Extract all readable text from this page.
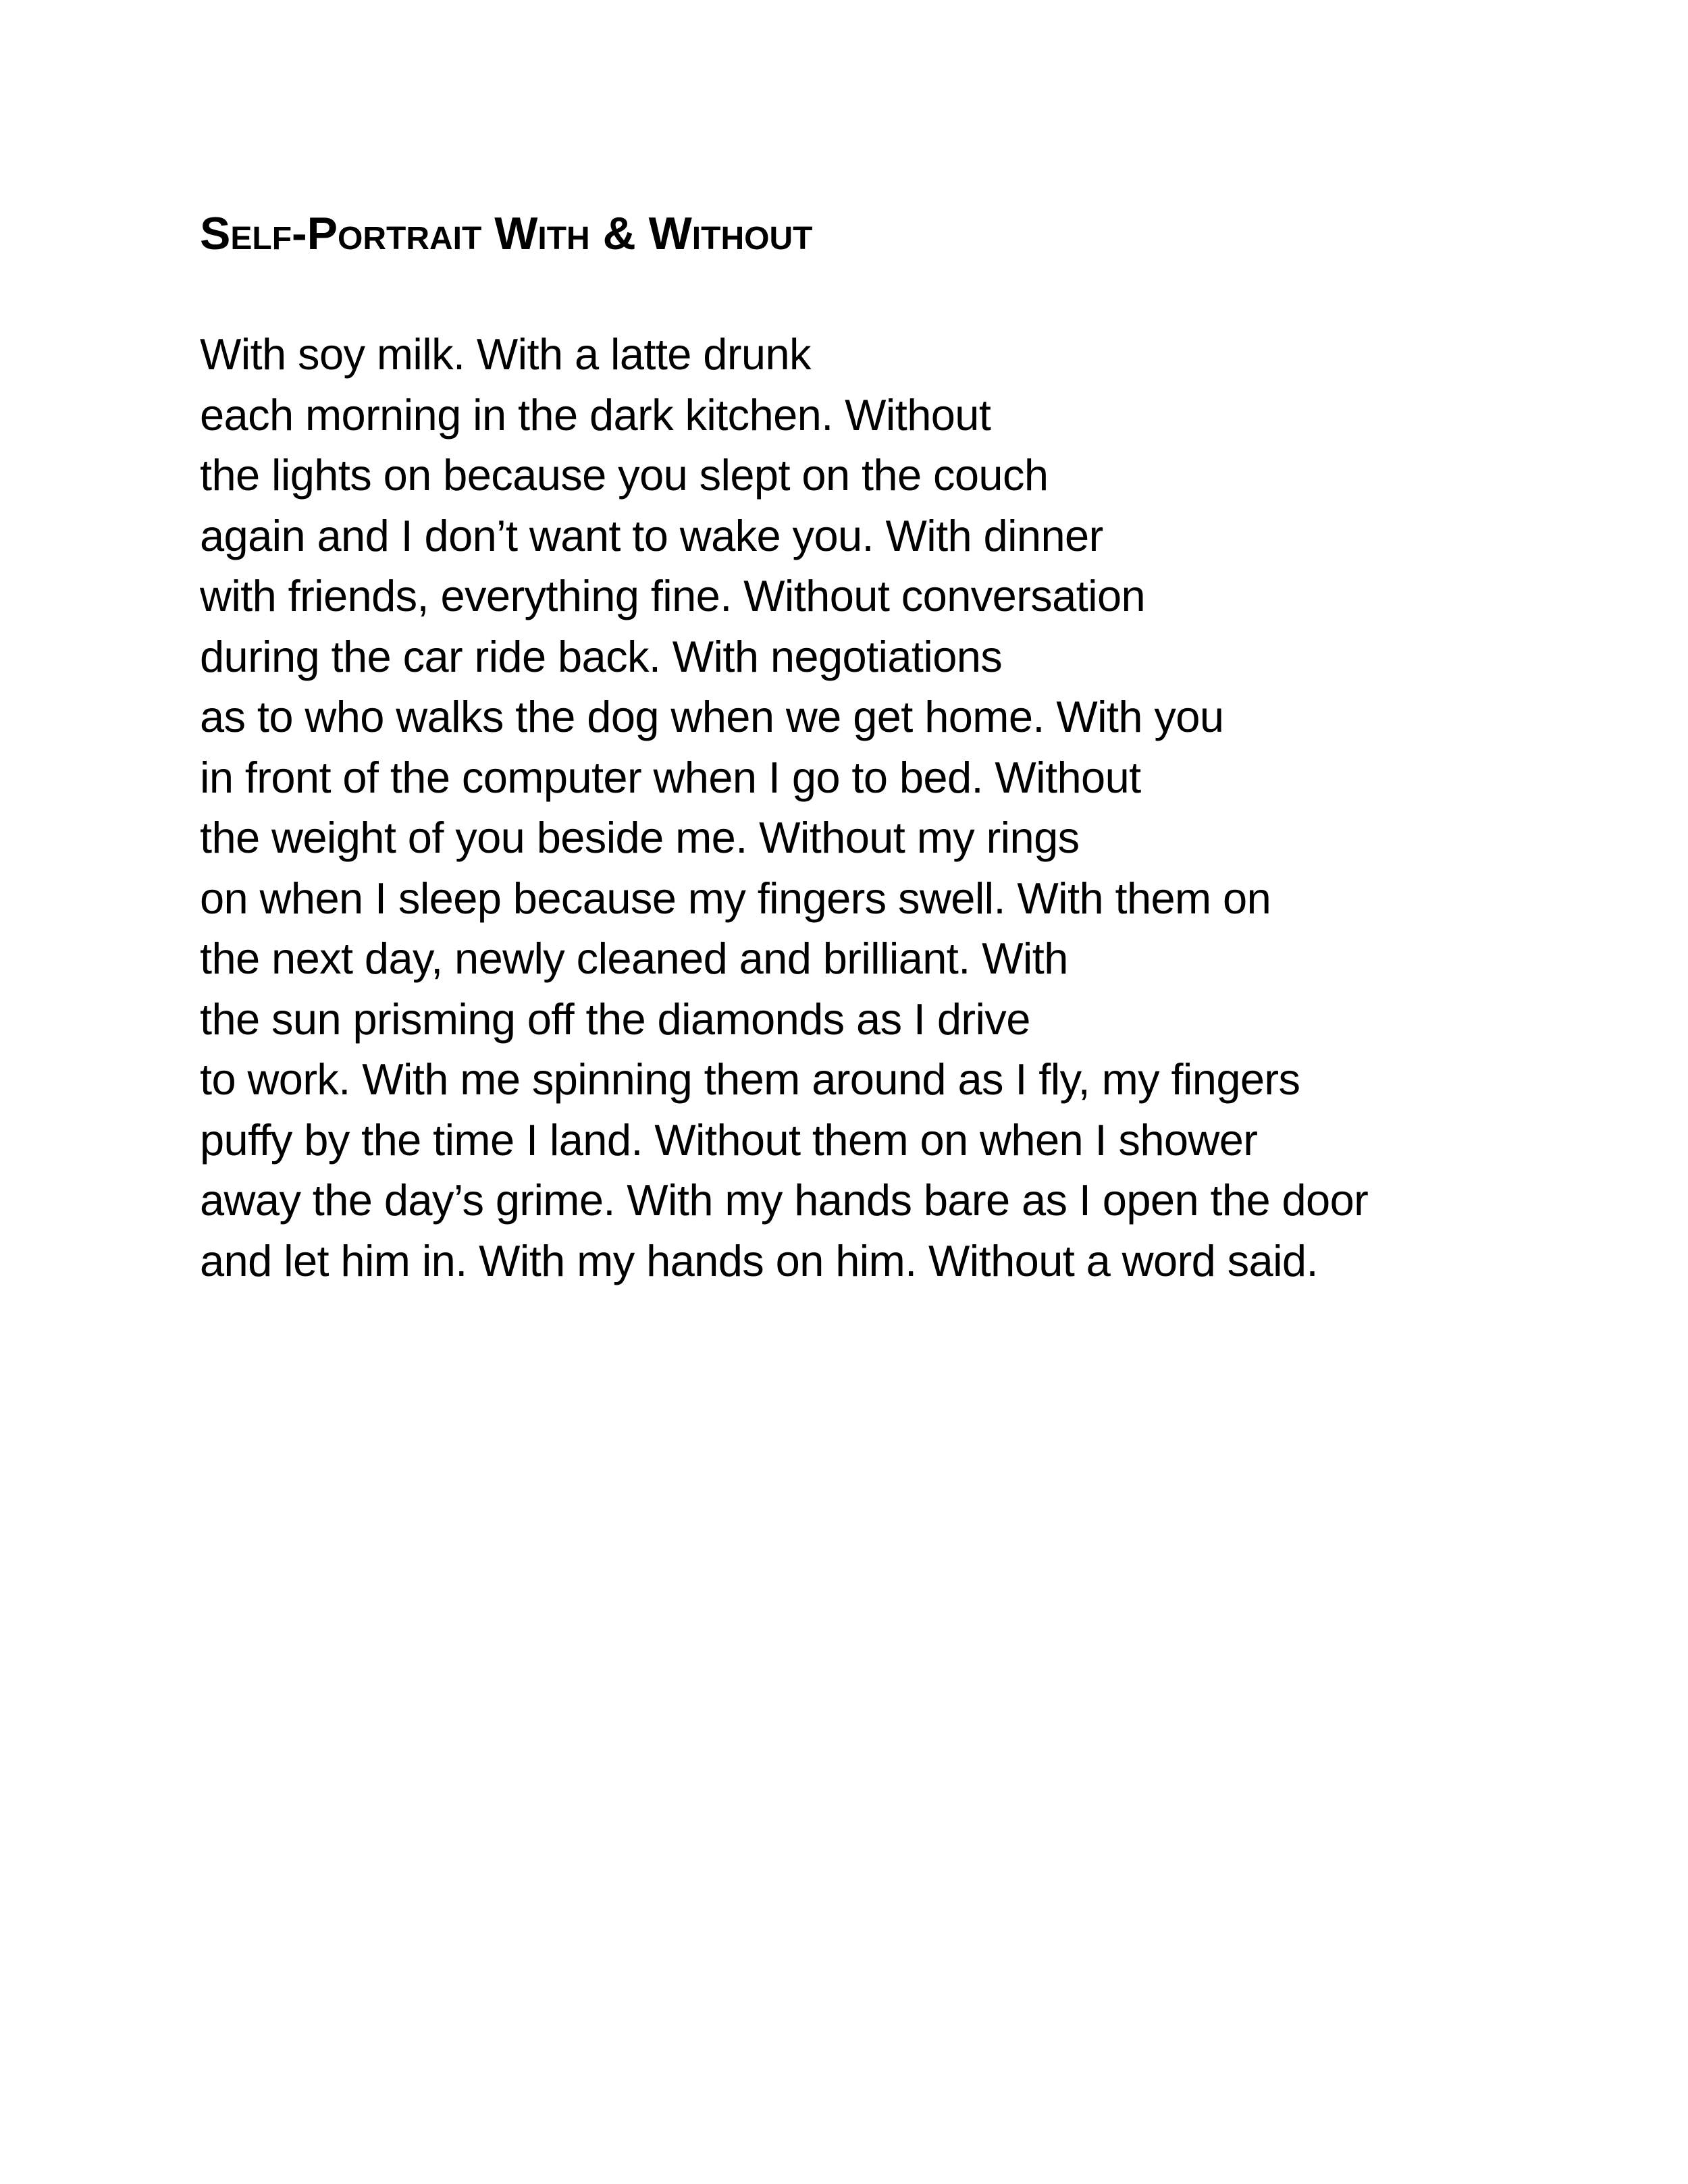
Self-Portrait With & Without
With soy milk. With a latte drunk
each morning in the dark kitchen. Without
the lights on because you slept on the couch
again and I don’t want to wake you. With dinner
with friends, everything fine. Without conversation
during the car ride back. With negotiations
as to who walks the dog when we get home. With you
in front of the computer when I go to bed. Without
the weight of you beside me. Without my rings
on when I sleep because my fingers swell. With them on
the next day, newly cleaned and brilliant. With
the sun prisming off the diamonds as I drive
to work. With me spinning them around as I fly, my fingers
puffy by the time I land. Without them on when I shower
away the day’s grime. With my hands bare as I open the door
and let him in. With my hands on him. Without a word said.
